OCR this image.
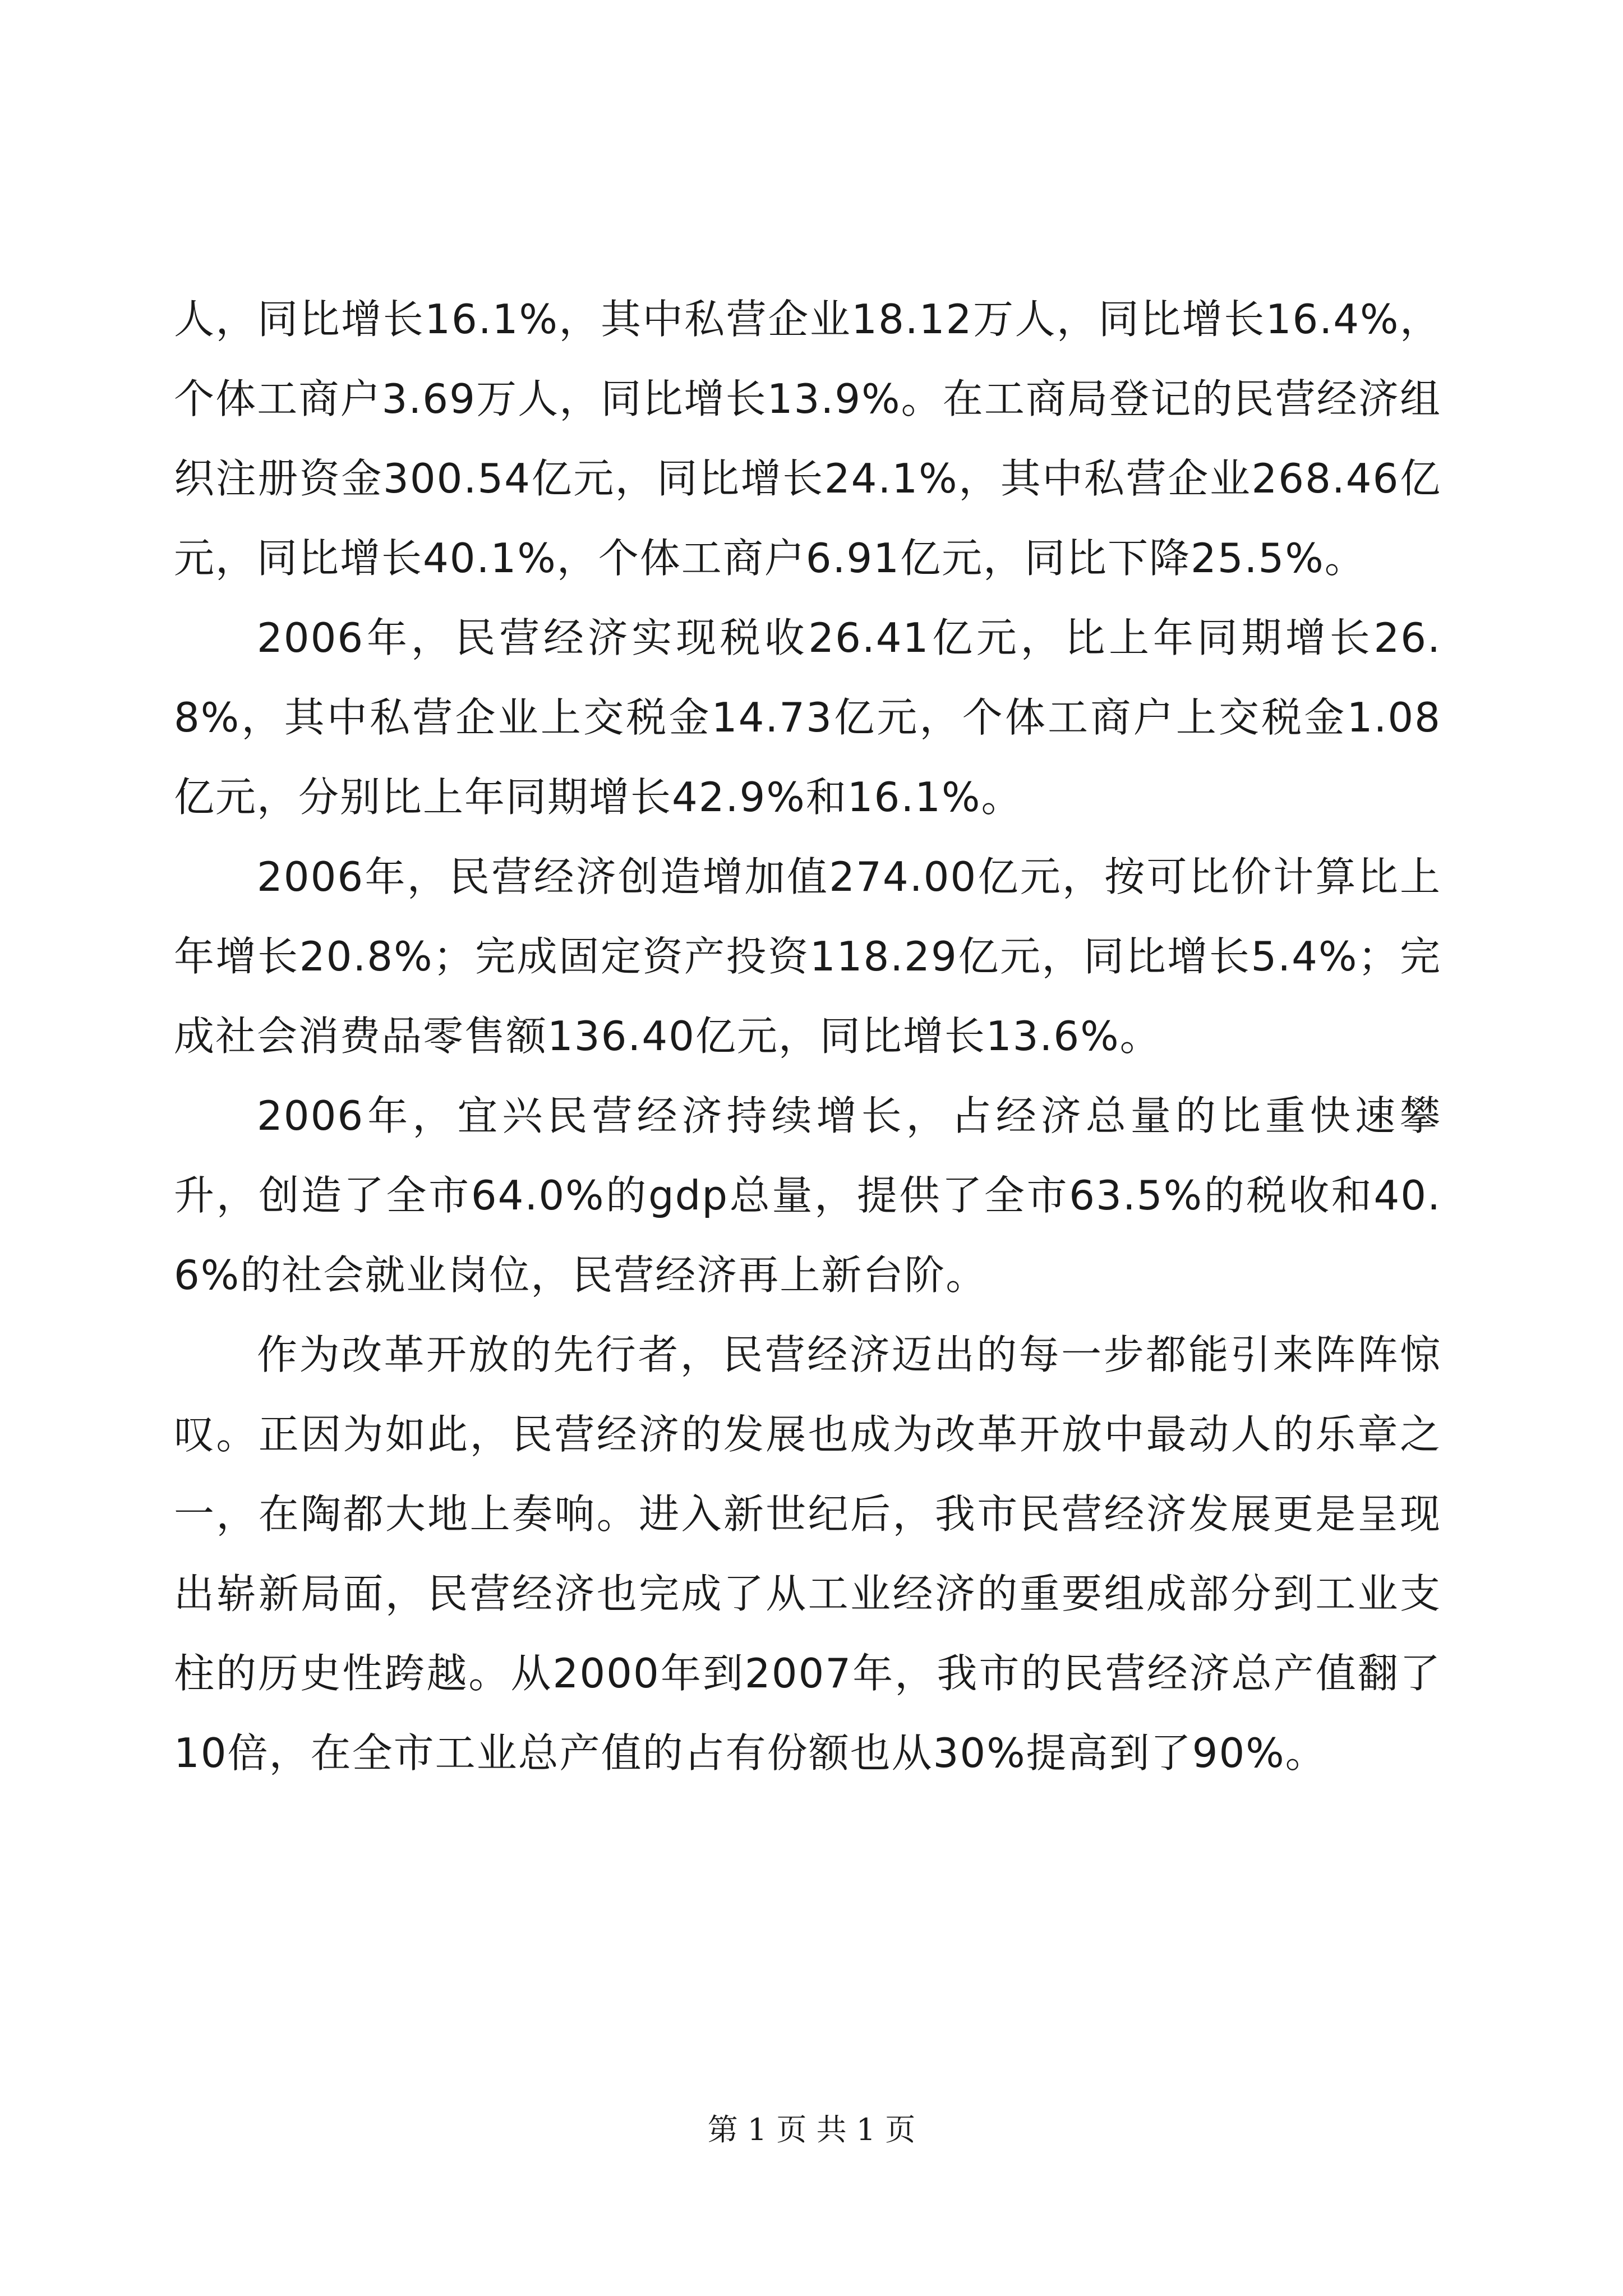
人，同比增长16.1%，其中私营企业18.12万人，同比增长16.4%，个体工商户3.69万人，同比增长13.9%。在工商局登记的民营经济组织注册资金300.54亿元，同比增长24.1%，其中私营企业268.46亿元，同比增长40.1%，个体工商户6.91亿元，同比下降25.5%。

2006年，民营经济实现税收26.41亿元，比上年同期增长26.8%，其中私营企业上交税金14.73亿元，个体工商户上交税金1.08亿元，分别比上年同期增长42.9%和16.1%。

2006年，民营经济创造增加值274.00亿元，按可比价计算比上年增长20.8%；完成固定资产投资118.29亿元，同比增长5.4%；完成社会消费品零售额136.40亿元，同比增长13.6%。

2006年，宜兴民营经济持续增长，占经济总量的比重快速攀升，创造了全市64.0%的gdp总量，提供了全市63.5%的税收和40.6%的社会就业岗位，民营经济再上新台阶。

作为改革开放的先行者，民营经济迈出的每一步都能引来阵阵惊叹。正因为如此，民营经济的发展也成为改革开放中最动人的乐章之一，在陶都大地上奏响。进入新世纪后，我市民营经济发展更是呈现出崭新局面，民营经济也完成了从工业经济的重要组成部分到工业支柱的历史性跨越。从2000年到2007年，我市的民营经济总产值翻了10倍，在全市工业总产值的占有份额也从30%提高到了90%。

第 1 页 共 1 页
